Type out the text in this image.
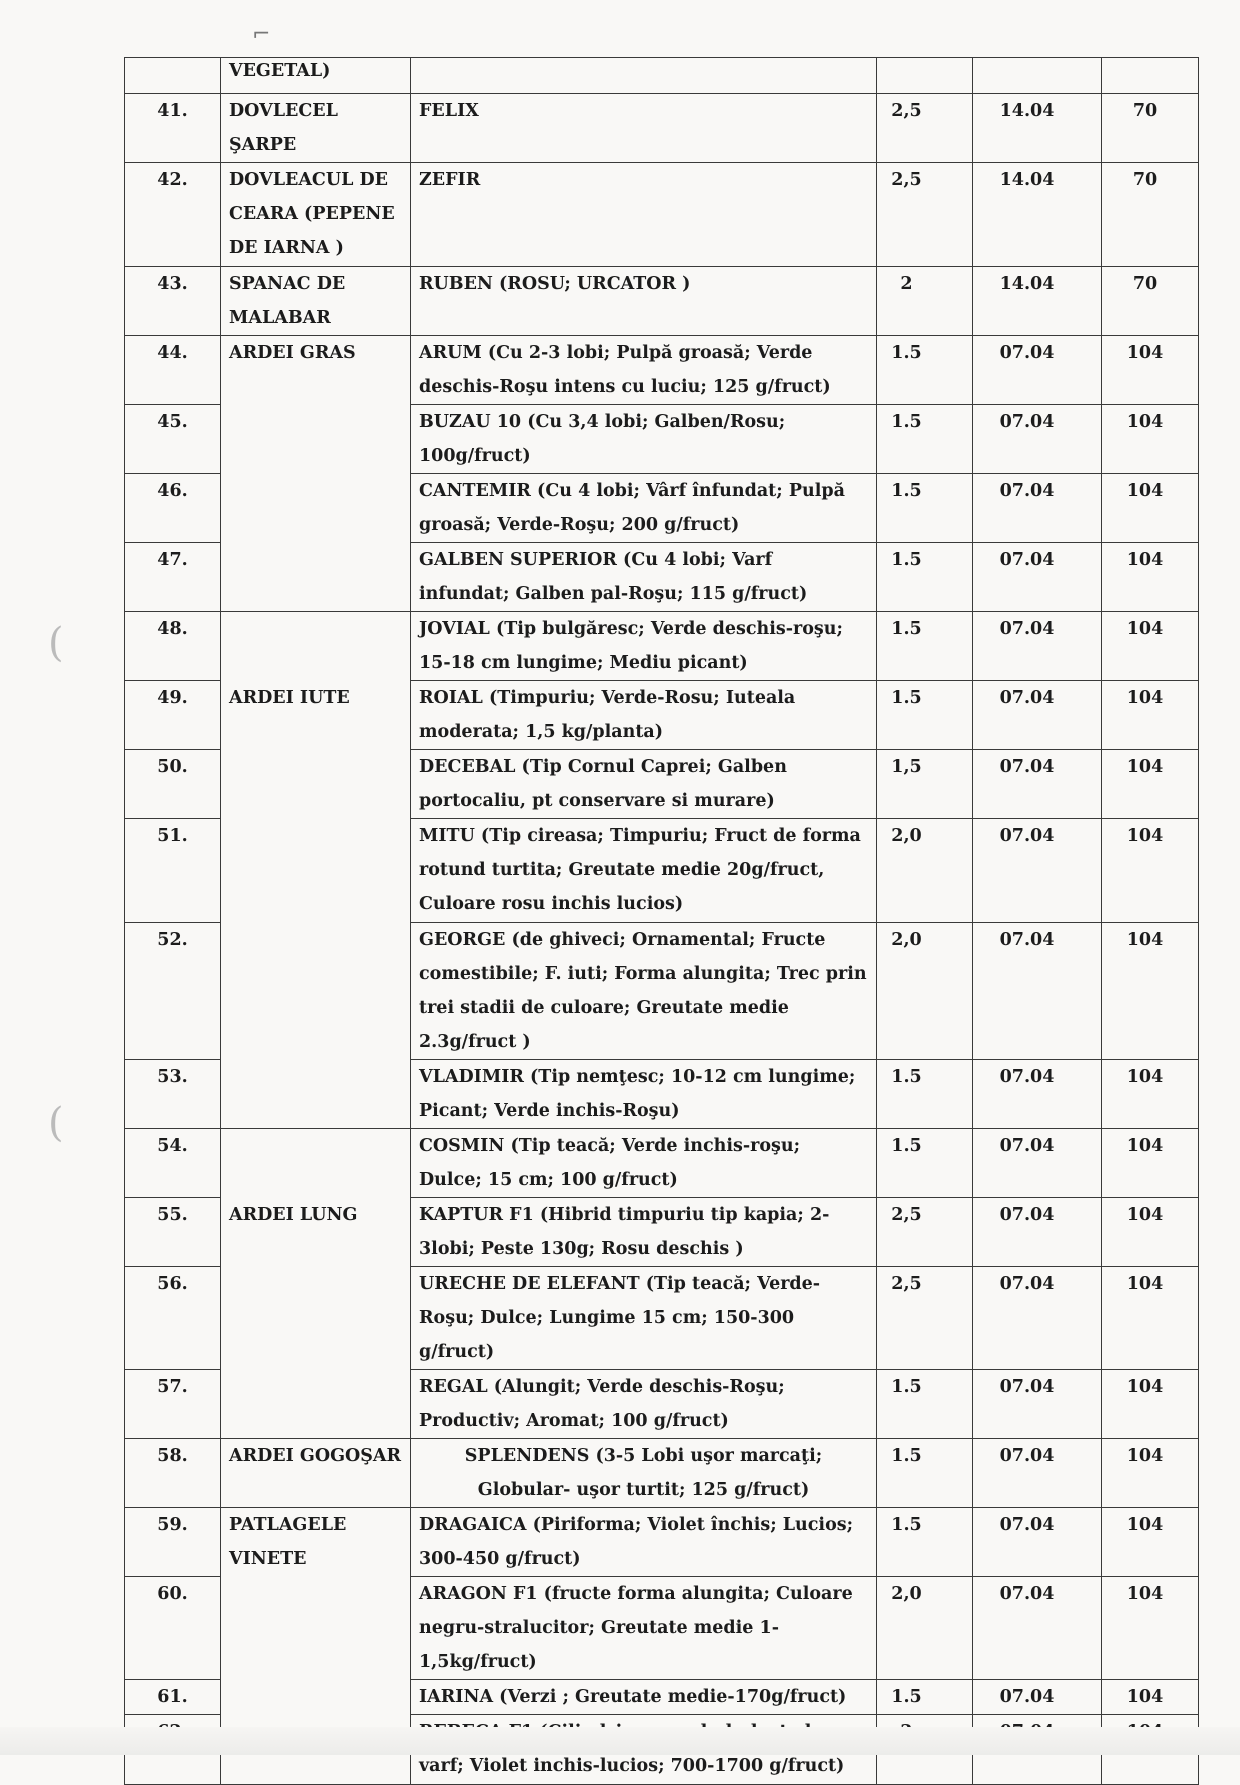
⌐
(
(
	VEGETAL)				
41.	DOVLECEL ŞARPE	FELIX	2,5	14.04	70
42.	DOVLEACUL DE CEARA (PEPENE DE IARNA )	ZEFIR	2,5	14.04	70
43.	SPANAC DE MALABAR	RUBEN (ROSU; URCATOR )	2	14.04	70
44.	ARDEI GRAS	ARUM (Cu 2-3 lobi; Pulpă groasă; Verde deschis-Roşu intens cu luciu; 125 g/fruct)	1.5	07.04	104
45.		BUZAU 10 (Cu 3,4 lobi; Galben/Rosu; 100g/fruct)	1.5	07.04	104
46.		CANTEMIR (Cu 4 lobi; Vârf înfundat; Pulpă groasă; Verde-Roşu; 200 g/fruct)	1.5	07.04	104
47.		GALBEN SUPERIOR (Cu 4 lobi; Varf infundat; Galben pal-Roşu; 115 g/fruct)	1.5	07.04	104
48.	ARDEI IUTE	JOVIAL (Tip bulgăresc; Verde deschis-roşu; 15-18 cm lungime; Mediu picant)	1.5	07.04	104
49.		ROIAL (Timpuriu; Verde-Rosu; Iuteala moderata; 1,5 kg/planta)	1.5	07.04	104
50.		DECEBAL (Tip Cornul Caprei; Galben portocaliu, pt conservare si murare)	1,5	07.04	104
51.		MITU (Tip cireasa; Timpuriu; Fruct de forma rotund turtita; Greutate medie 20g/fruct, Culoare rosu inchis lucios)	2,0	07.04	104
52.		GEORGE (de ghiveci; Ornamental; Fructe comestibile; F. iuti; Forma alungita; Trec prin trei stadii de culoare; Greutate medie 2.3g/fruct )	2,0	07.04	104
53.		VLADIMIR (Tip nemţesc; 10-12 cm lungime; Picant; Verde inchis-Roşu)	1.5	07.04	104
54.	ARDEI LUNG	COSMIN (Tip teacă; Verde inchis-roşu; Dulce; 15 cm; 100 g/fruct)	1.5	07.04	104
55.		KAPTUR F1 (Hibrid timpuriu tip kapia; 2-3lobi; Peste 130g; Rosu deschis )	2,5	07.04	104
56.		URECHE DE ELEFANT (Tip teacă; Verde-Roşu; Dulce; Lungime 15 cm; 150-300 g/fruct)	2,5	07.04	104
57.		REGAL (Alungit; Verde deschis-Roşu; Productiv; Aromat; 100 g/fruct)	1.5	07.04	104
58.	ARDEI GOGOŞAR	SPLENDENS (3-5 Lobi uşor marcaţi; Globular- uşor turtit; 125 g/fruct)	1.5	07.04	104
59.	PATLAGELE VINETE	DRAGAICA (Piriforma; Violet închis; Lucios; 300-450 g/fruct)	1.5	07.04	104
60.		ARAGON F1 (fructe forma alungita; Culoare negru-stralucitor; Greutate medie 1-1,5kg/fruct)	2,0	07.04	104
61.		IARINA (Verzi ; Greutate medie-170g/fruct)	1.5	07.04	104
	varf; Violet inchis-lucios; 700-1700 g/fruct)			
